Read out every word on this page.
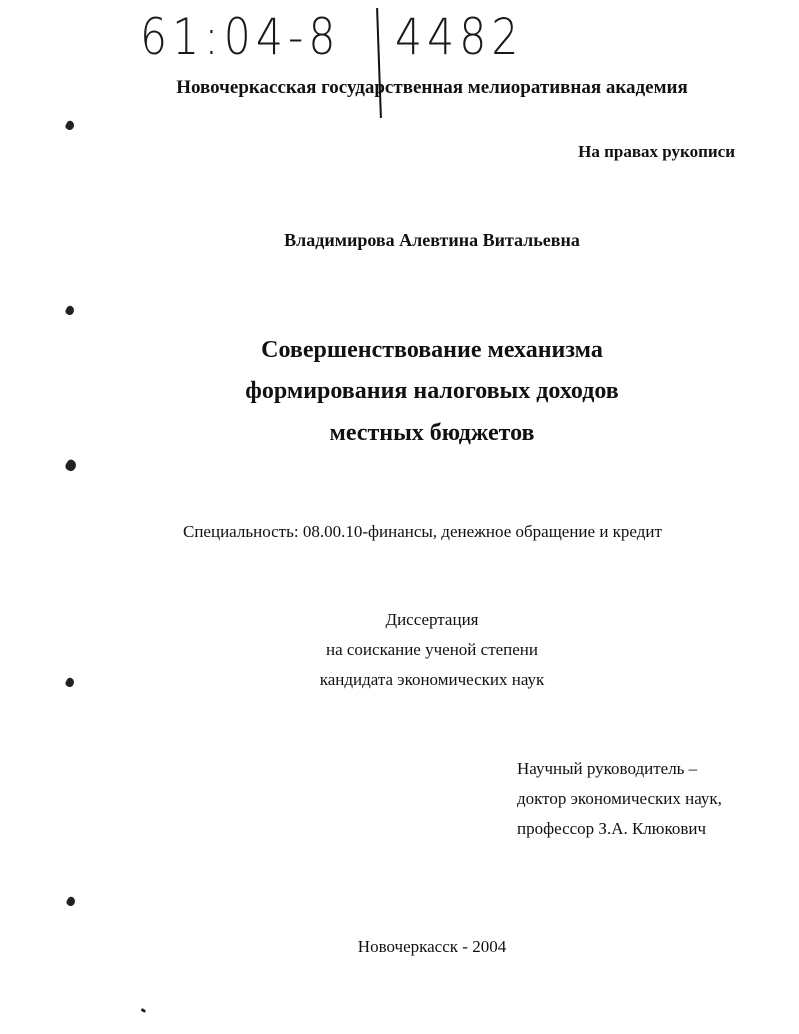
61:04-8 4482
Новочеркасская государственная мелиоративная академия
На правах рукописи
Владимирова Алевтина Витальевна
Совершенствование механизма
формирования налоговых доходов
местных бюджетов
Специальность: 08.00.10-финансы, денежное обращение и кредит
Диссертация
на соискание ученой степени
кандидата экономических наук
Научный руководитель –
доктор экономических наук,
профессор З.А. Клюкович
Новочеркасск - 2004
